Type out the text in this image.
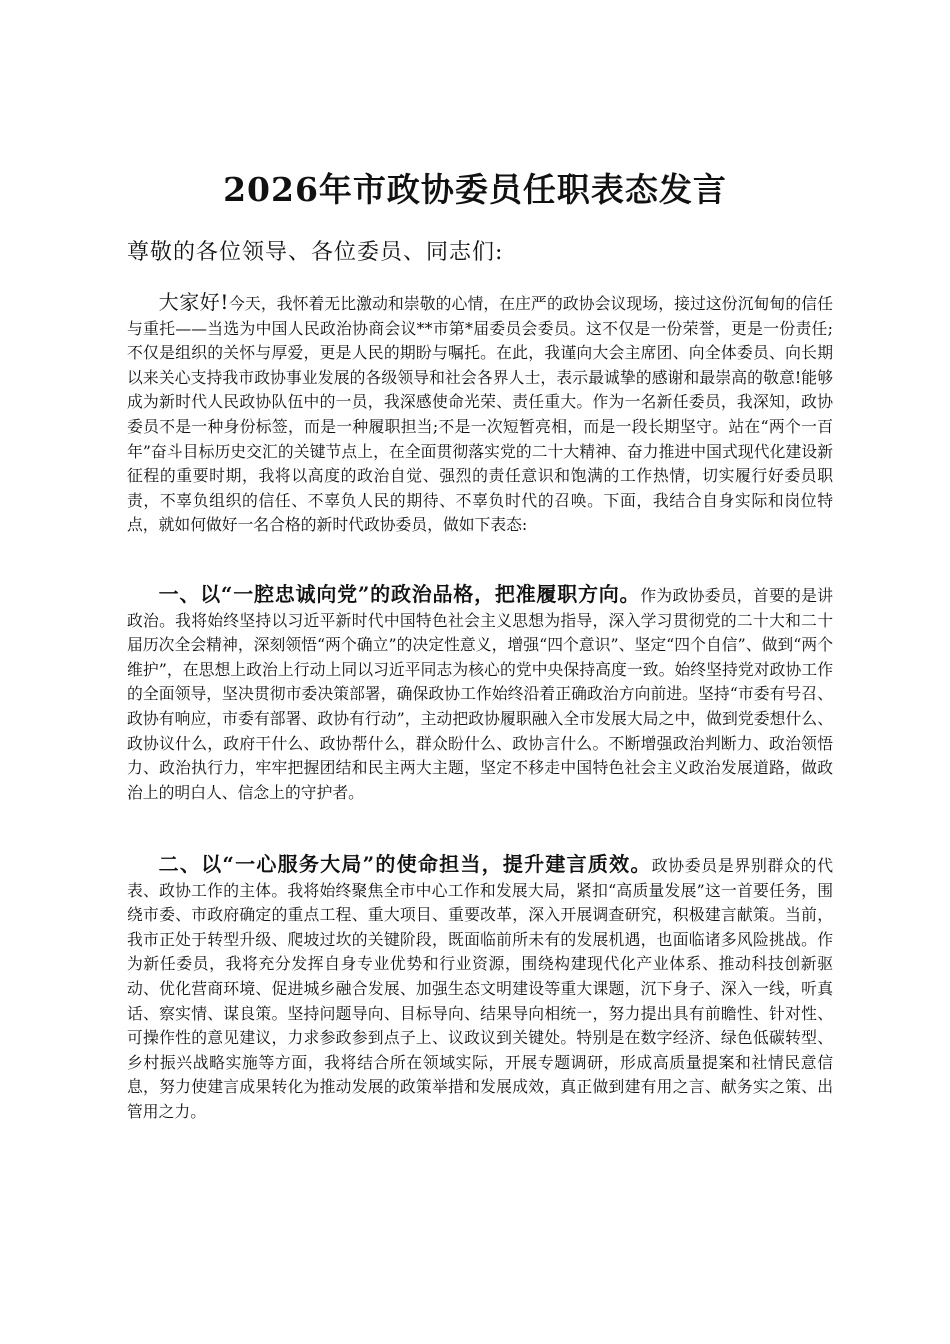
2026年市政协委员任职表态发言
尊敬的各位领导、各位委员、同志们:

大家好!今天，我怀着无比激动和崇敬的心情，在庄严的政协会议现场，接过这份沉甸甸的信任与重托——当选为中国人民政治协商会议**市第*届委员会委员。这不仅是一份荣誉，更是一份责任;不仅是组织的关怀与厚爱，更是人民的期盼与嘱托。在此，我谨向大会主席团、向全体委员、向长期以来关心支持我市政协事业发展的各级领导和社会各界人士，表示最诚挚的感谢和最崇高的敬意!能够成为新时代人民政协队伍中的一员，我深感使命光荣、责任重大。作为一名新任委员，我深知，政协委员不是一种身份标签，而是一种履职担当;不是一次短暂亮相，而是一段长期坚守。站在“两个一百年”奋斗目标历史交汇的关键节点上，在全面贯彻落实党的二十大精神、奋力推进中国式现代化建设新征程的重要时期，我将以高度的政治自觉、强烈的责任意识和饱满的工作热情，切实履行好委员职责，不辜负组织的信任、不辜负人民的期待、不辜负时代的召唤。下面，我结合自身实际和岗位特点，就如何做好一名合格的新时代政协委员，做如下表态:

一、以“一腔忠诚向党”的政治品格，把准履职方向。作为政协委员，首要的是讲政治。我将始终坚持以习近平新时代中国特色社会主义思想为指导，深入学习贯彻党的二十大和二十届历次全会精神，深刻领悟“两个确立”的决定性意义，增强“四个意识”、坚定“四个自信”、做到“两个维护”，在思想上政治上行动上同以习近平同志为核心的党中央保持高度一致。始终坚持党对政协工作的全面领导，坚决贯彻市委决策部署，确保政协工作始终沿着正确政治方向前进。坚持“市委有号召、政协有响应，市委有部署、政协有行动”，主动把政协履职融入全市发展大局之中，做到党委想什么、政协议什么，政府干什么、政协帮什么，群众盼什么、政协言什么。不断增强政治判断力、政治领悟力、政治执行力，牢牢把握团结和民主两大主题，坚定不移走中国特色社会主义政治发展道路，做政治上的明白人、信念上的守护者。

二、以“一心服务大局”的使命担当，提升建言质效。政协委员是界别群众的代表、政协工作的主体。我将始终聚焦全市中心工作和发展大局，紧扣“高质量发展”这一首要任务，围绕市委、市政府确定的重点工程、重大项目、重要改革，深入开展调查研究，积极建言献策。当前，我市正处于转型升级、爬坡过坎的关键阶段，既面临前所未有的发展机遇，也面临诸多风险挑战。作为新任委员，我将充分发挥自身专业优势和行业资源，围绕构建现代化产业体系、推动科技创新驱动、优化营商环境、促进城乡融合发展、加强生态文明建设等重大课题，沉下身子、深入一线，听真话、察实情、谋良策。坚持问题导向、目标导向、结果导向相统一，努力提出具有前瞻性、针对性、可操作性的意见建议，力求参政参到点子上、议政议到关键处。特别是在数字经济、绿色低碳转型、乡村振兴战略实施等方面，我将结合所在领域实际，开展专题调研，形成高质量提案和社情民意信息，努力使建言成果转化为推动发展的政策举措和发展成效，真正做到建有用之言、献务实之策、出管用之力。
